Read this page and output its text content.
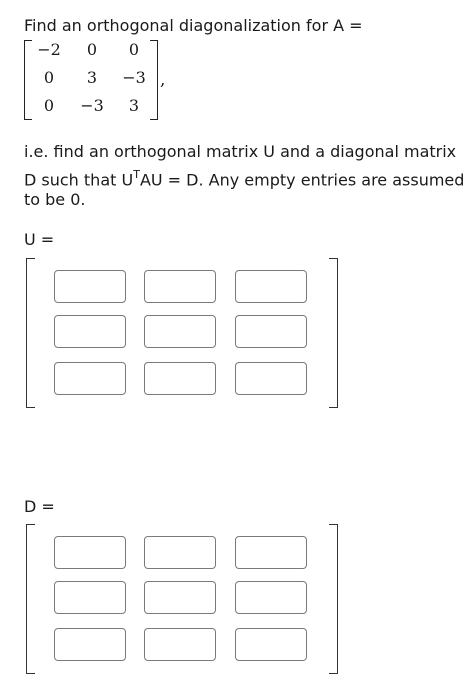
Find an orthogonal diagonalization for A =
−2	0	0
0	3	−3
0	−3	3
,
i.e. find an orthogonal matrix U and a diagonal matrix
D such that $U^TAU = D$. Any empty entries are assumed
to be 0.
U =
D =
